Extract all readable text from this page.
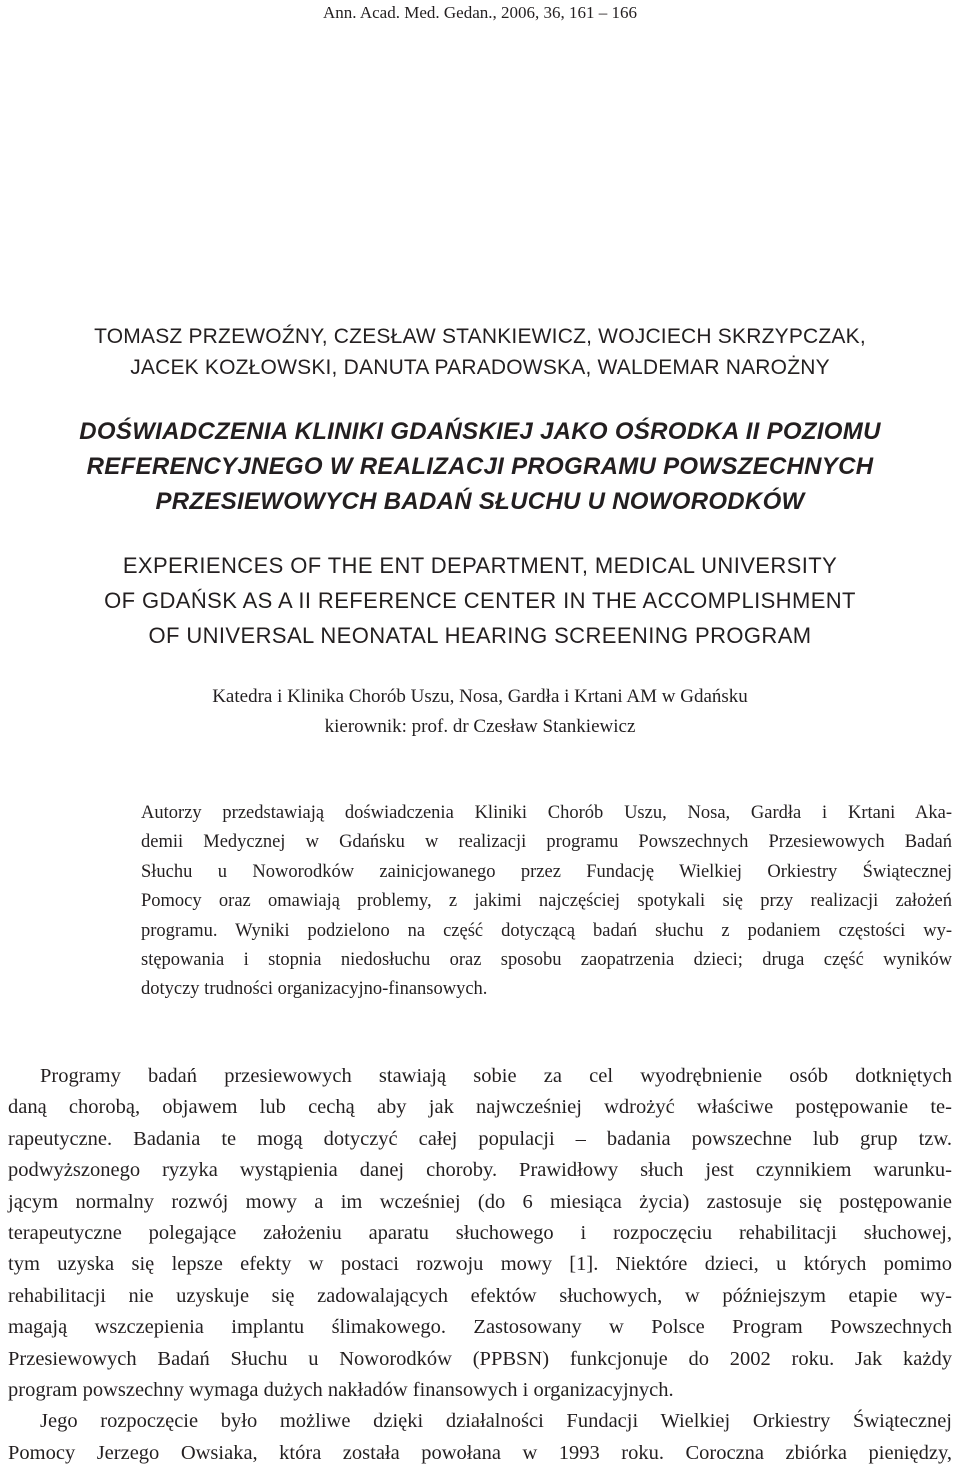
Ann. Acad. Med. Gedan., 2006, 36, 161 – 166
TOMASZ PRZEWOŹNY, CZESŁAW STANKIEWICZ, WOJCIECH SKRZYPCZAK,
JACEK KOZŁOWSKI, DANUTA PARADOWSKA, WALDEMAR NAROŻNY
DOŚWIADCZENIA KLINIKI GDAŃSKIEJ JAKO OŚRODKA II POZIOMU
REFERENCYJNEGO W REALIZACJI PROGRAMU POWSZECHNYCH
PRZESIEWOWYCH BADAŃ SŁUCHU U NOWORODKÓW
EXPERIENCES OF THE ENT DEPARTMENT, MEDICAL UNIVERSITY
OF GDAŃSK AS A II REFERENCE CENTER IN THE ACCOMPLISHMENT
OF UNIVERSAL NEONATAL HEARING SCREENING PROGRAM
Katedra i Klinika Chorób Uszu, Nosa, Gardła i Krtani AM w Gdańsku
kierownik: prof. dr Czesław Stankiewicz
Autorzy przedstawiają doświadczenia Kliniki Chorób Uszu, Nosa, Gardła i Krtani Aka-
demii Medycznej w Gdańsku w realizacji programu Powszechnych Przesiewowych Badań
Słuchu u Noworodków zainicjowanego przez Fundację Wielkiej Orkiestry Świątecznej
Pomocy oraz omawiają problemy, z jakimi najczęściej spotykali się przy realizacji założeń
programu. Wyniki podzielono na część dotyczącą badań słuchu z podaniem częstości wy-
stępowania i stopnia niedosłuchu oraz sposobu zaopatrzenia dzieci; druga część wyników
dotyczy trudności organizacyjno-finansowych.
Programy badań przesiewowych stawiają sobie za cel wyodrębnienie osób dotkniętych
daną chorobą, objawem lub cechą aby jak najwcześniej wdrożyć właściwe postępowanie te-
rapeutyczne. Badania te mogą dotyczyć całej populacji – badania powszechne lub grup tzw.
podwyższonego ryzyka wystąpienia danej choroby. Prawidłowy słuch jest czynnikiem warunku-
jącym normalny rozwój mowy a im wcześniej (do 6 miesiąca życia) zastosuje się postępowanie
terapeutyczne polegające założeniu aparatu słuchowego i rozpoczęciu rehabilitacji słuchowej,
tym uzyska się lepsze efekty w postaci rozwoju mowy [1]. Niektóre dzieci, u których pomimo
rehabilitacji nie uzyskuje się zadowalających efektów słuchowych, w późniejszym etapie wy-
magają wszczepienia implantu ślimakowego. Zastosowany w Polsce Program Powszechnych
Przesiewowych Badań Słuchu u Noworodków (PPBSN) funkcjonuje do 2002 roku. Jak każdy
program powszechny wymaga dużych nakładów finansowych i organizacyjnych.
Jego rozpoczęcie było możliwe dzięki działalności Fundacji Wielkiej Orkiestry Świątecznej
Pomocy Jerzego Owsiaka, która została powołana w 1993 roku. Coroczna zbiórka pieniędzy,
